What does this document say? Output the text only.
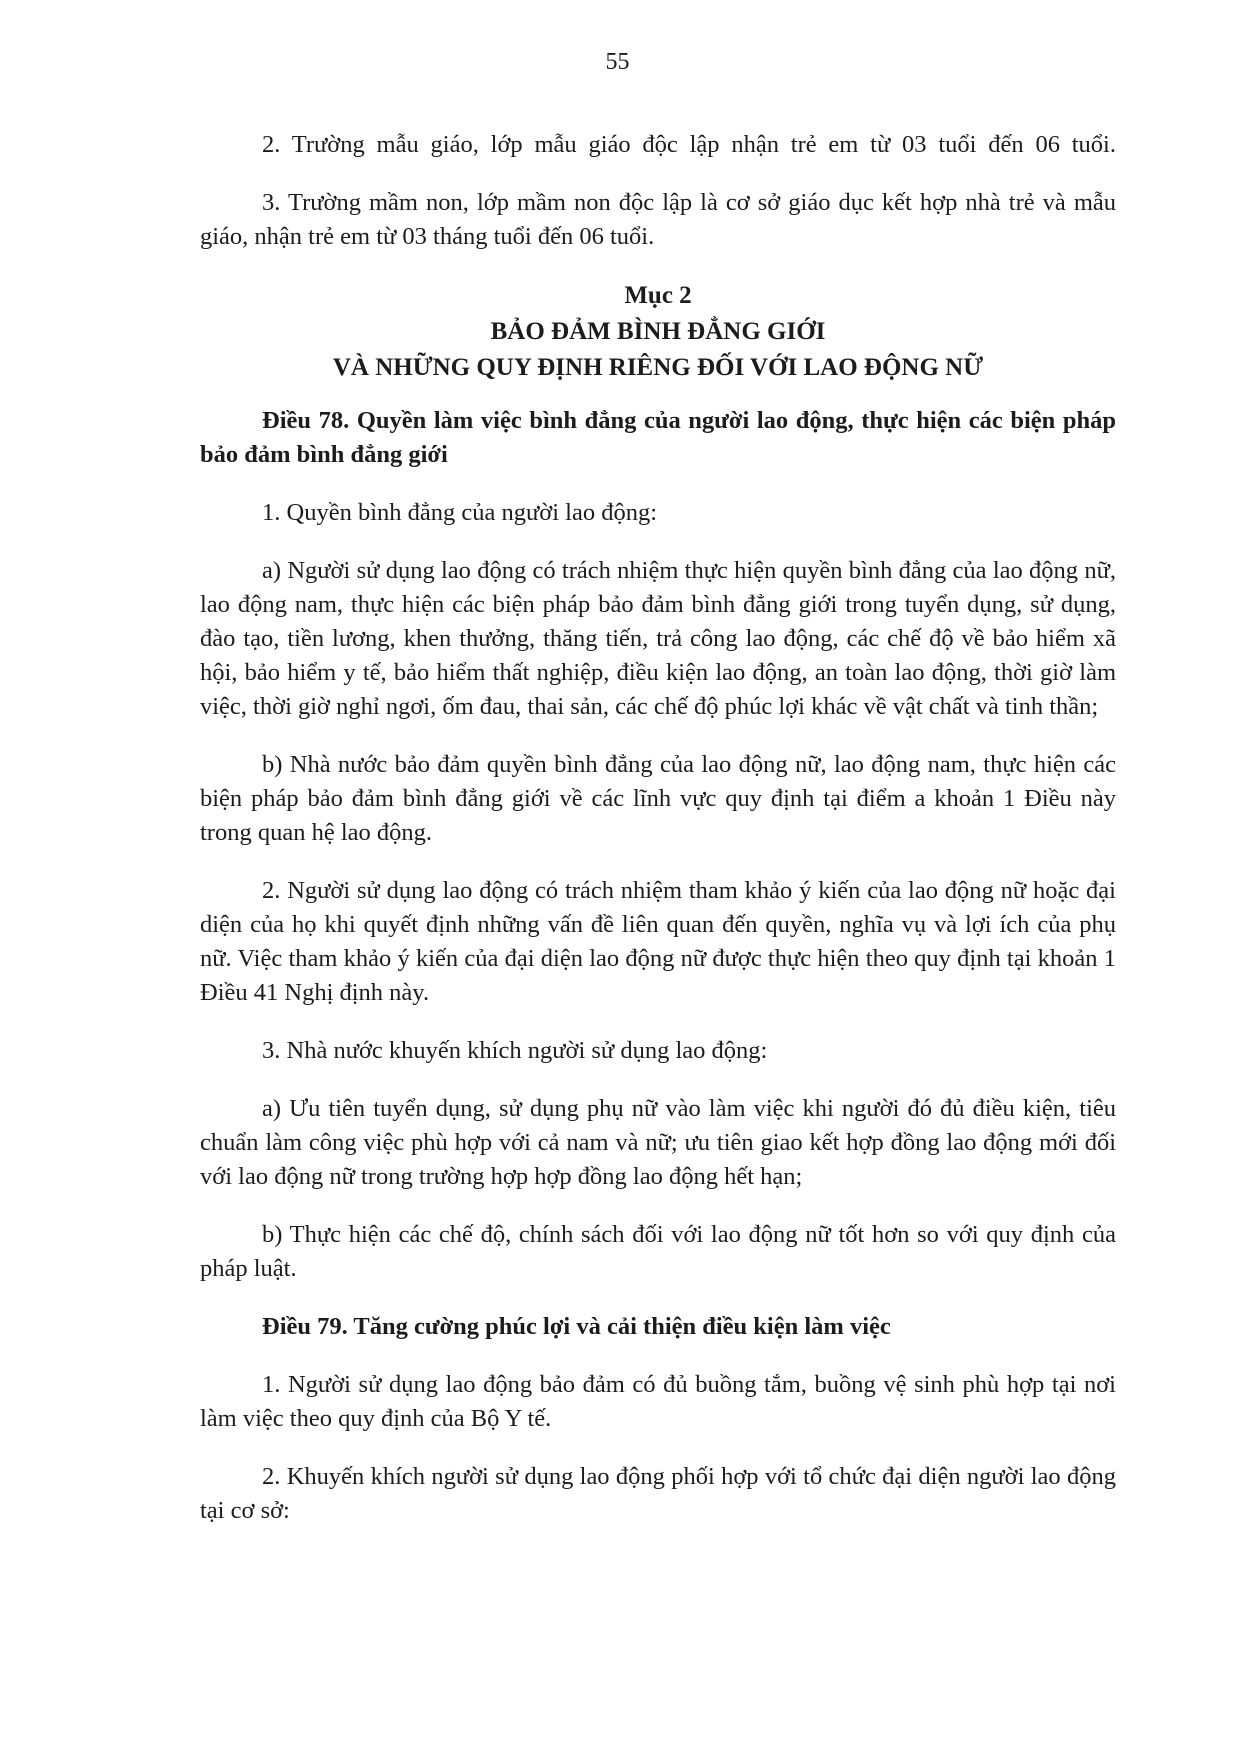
55

2. Trường mẫu giáo, lớp mẫu giáo độc lập nhận trẻ em từ 03 tuổi đến 06 tuổi.

3. Trường mầm non, lớp mầm non độc lập là cơ sở giáo dục kết hợp nhà trẻ và mẫu giáo, nhận trẻ em từ 03 tháng tuổi đến 06 tuổi.

Mục 2
BẢO ĐẢM BÌNH ĐẲNG GIỚI
VÀ NHỮNG QUY ĐỊNH RIÊNG ĐỐI VỚI LAO ĐỘNG NỮ

Điều 78. Quyền làm việc bình đẳng của người lao động, thực hiện các biện pháp bảo đảm bình đẳng giới

1. Quyền bình đẳng của người lao động:

a) Người sử dụng lao động có trách nhiệm thực hiện quyền bình đẳng của lao động nữ, lao động nam, thực hiện các biện pháp bảo đảm bình đẳng giới trong tuyển dụng, sử dụng, đào tạo, tiền lương, khen thưởng, thăng tiến, trả công lao động, các chế độ về bảo hiểm xã hội, bảo hiểm y tế, bảo hiểm thất nghiệp, điều kiện lao động, an toàn lao động, thời giờ làm việc, thời giờ nghỉ ngơi, ốm đau, thai sản, các chế độ phúc lợi khác về vật chất và tinh thần;

b) Nhà nước bảo đảm quyền bình đẳng của lao động nữ, lao động nam, thực hiện các biện pháp bảo đảm bình đẳng giới về các lĩnh vực quy định tại điểm a khoản 1 Điều này trong quan hệ lao động.

2. Người sử dụng lao động có trách nhiệm tham khảo ý kiến của lao động nữ hoặc đại diện của họ khi quyết định những vấn đề liên quan đến quyền, nghĩa vụ và lợi ích của phụ nữ. Việc tham khảo ý kiến của đại diện lao động nữ được thực hiện theo quy định tại khoản 1 Điều 41 Nghị định này.

3. Nhà nước khuyến khích người sử dụng lao động:

a) Ưu tiên tuyển dụng, sử dụng phụ nữ vào làm việc khi người đó đủ điều kiện, tiêu chuẩn làm công việc phù hợp với cả nam và nữ; ưu tiên giao kết hợp đồng lao động mới đối với lao động nữ trong trường hợp hợp đồng lao động hết hạn;

b) Thực hiện các chế độ, chính sách đối với lao động nữ tốt hơn so với quy định của pháp luật.

Điều 79. Tăng cường phúc lợi và cải thiện điều kiện làm việc

1. Người sử dụng lao động bảo đảm có đủ buồng tắm, buồng vệ sinh phù hợp tại nơi làm việc theo quy định của Bộ Y tế.

2. Khuyến khích người sử dụng lao động phối hợp với tổ chức đại diện người lao động tại cơ sở:
